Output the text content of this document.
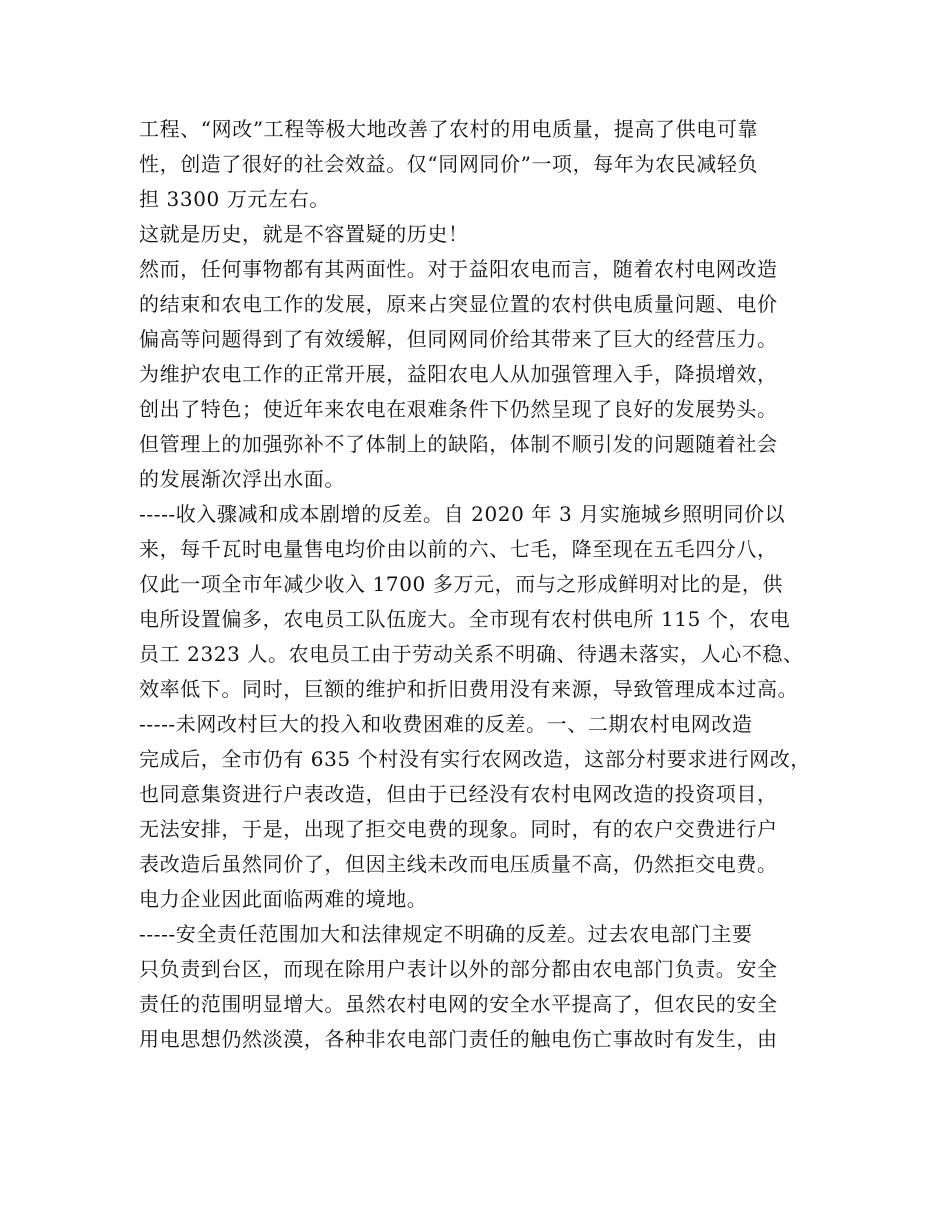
工程、“网改”工程等极大地改善了农村的用电质量，提高了供电可靠
性，创造了很好的社会效益。仅“同网同价”一项，每年为农民减轻负
担 3300 万元左右。
这就是历史，就是不容置疑的历史！
然而，任何事物都有其两面性。对于益阳农电而言，随着农村电网改造
的结束和农电工作的发展，原来占突显位置的农村供电质量问题、电价
偏高等问题得到了有效缓解，但同网同价给其带来了巨大的经营压力。
为维护农电工作的正常开展，益阳农电人从加强管理入手，降损增效，
创出了特色；使近年来农电在艰难条件下仍然呈现了良好的发展势头。
但管理上的加强弥补不了体制上的缺陷，体制不顺引发的问题随着社会
的发展渐次浮出水面。
-----收入骤减和成本剧增的反差。自 2020 年 3 月实施城乡照明同价以
来，每千瓦时电量售电均价由以前的六、七毛，降至现在五毛四分八，
仅此一项全市年减少收入 1700 多万元，而与之形成鲜明对比的是，供
电所设置偏多，农电员工队伍庞大。全市现有农村供电所 115 个，农电
员工 2323 人。农电员工由于劳动关系不明确、待遇未落实，人心不稳、
效率低下。同时，巨额的维护和折旧费用没有来源，导致管理成本过高。
-----未网改村巨大的投入和收费困难的反差。一、二期农村电网改造
完成后，全市仍有 635 个村没有实行农网改造，这部分村要求进行网改，
也同意集资进行户表改造，但由于已经没有农村电网改造的投资项目，
无法安排，于是，出现了拒交电费的现象。同时，有的农户交费进行户
表改造后虽然同价了，但因主线未改而电压质量不高，仍然拒交电费。
电力企业因此面临两难的境地。
-----安全责任范围加大和法律规定不明确的反差。过去农电部门主要
只负责到台区，而现在除用户表计以外的部分都由农电部门负责。安全
责任的范围明显增大。虽然农村电网的安全水平提高了，但农民的安全
用电思想仍然淡漠，各种非农电部门责任的触电伤亡事故时有发生，由
